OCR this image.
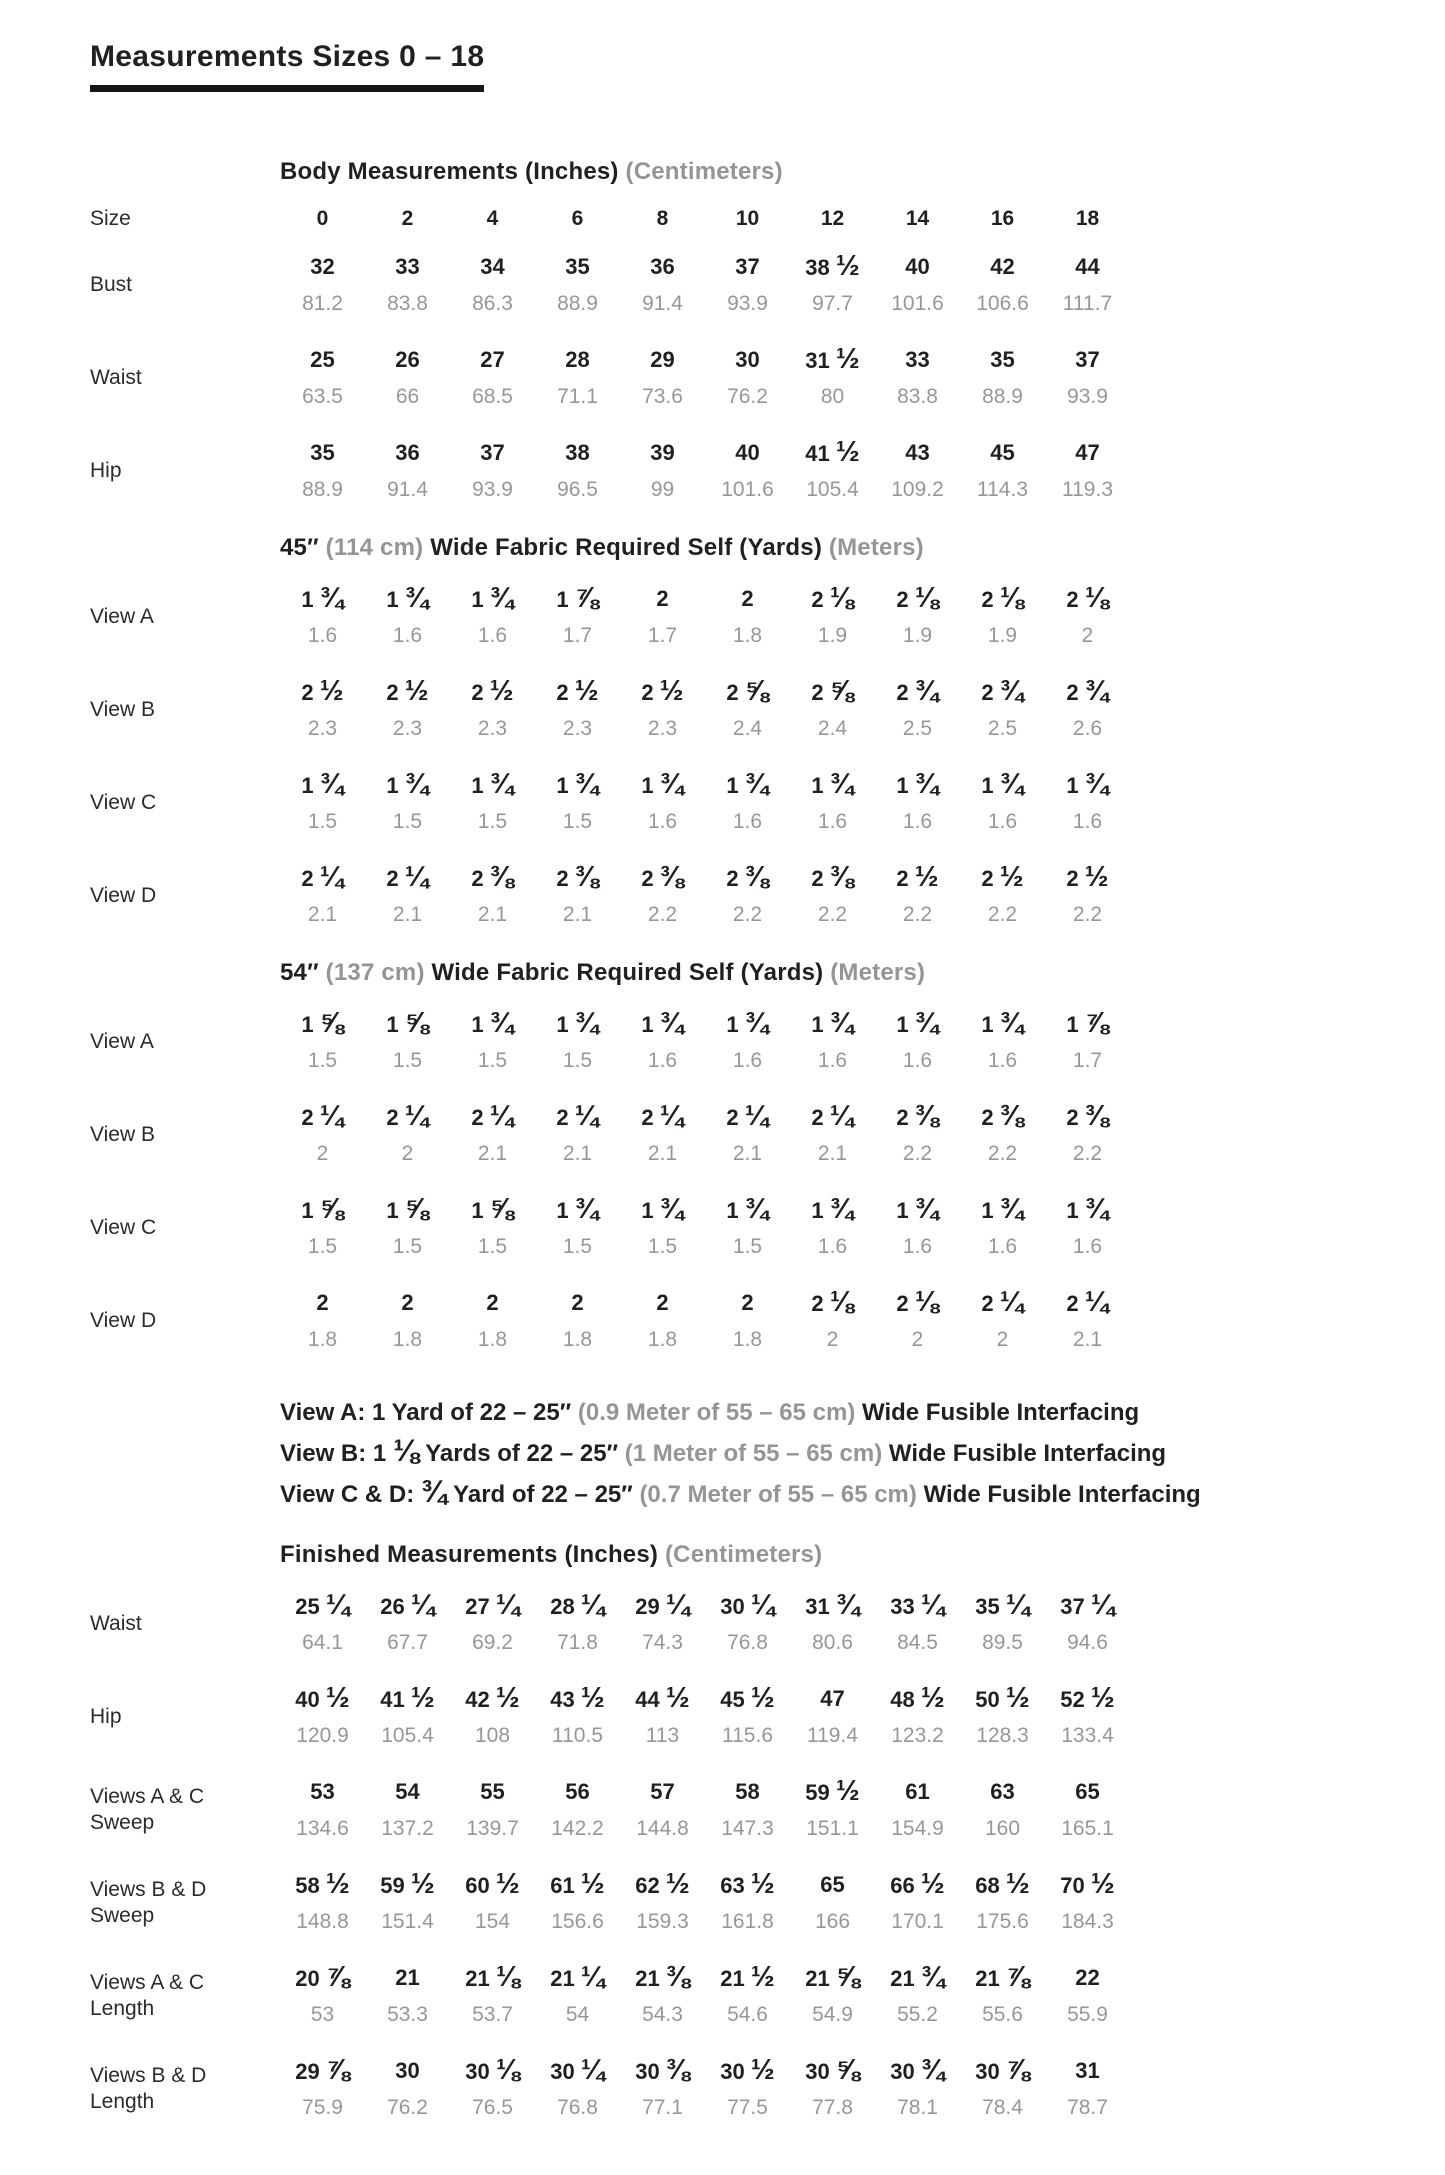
Measurements Sizes 0 – 18
Body Measurements (Inches) (Centimeters)
Size	0	2	4	6	8	10	12	14	16	18
Bust
32	33	34	35	36	37	38 ½	40	42	44
81.2	83.8	86.3	88.9	91.4	93.9	97.7	101.6	106.6	111.7
Waist
25	26	27	28	29	30	31 ½	33	35	37
63.5	66	68.5	71.1	73.6	76.2	80	83.8	88.9	93.9
Hip
35	36	37	38	39	40	41 ½	43	45	47
88.9	91.4	93.9	96.5	99	101.6	105.4	109.2	114.3	119.3
45″ (114 cm) Wide Fabric Required Self (Yards) (Meters)
View A
1 ¾	1 ¾	1 ¾	1 ⅞	2	2	2 ⅛	2 ⅛	2 ⅛	2 ⅛
1.6	1.6	1.6	1.7	1.7	1.8	1.9	1.9	1.9	2
View B
2 ½	2 ½	2 ½	2 ½	2 ½	2 ⅝	2 ⅝	2 ¾	2 ¾	2 ¾
2.3	2.3	2.3	2.3	2.3	2.4	2.4	2.5	2.5	2.6
View C
1 ¾	1 ¾	1 ¾	1 ¾	1 ¾	1 ¾	1 ¾	1 ¾	1 ¾	1 ¾
1.5	1.5	1.5	1.5	1.6	1.6	1.6	1.6	1.6	1.6
View D
2 ¼	2 ¼	2 ⅜	2 ⅜	2 ⅜	2 ⅜	2 ⅜	2 ½	2 ½	2 ½
2.1	2.1	2.1	2.1	2.2	2.2	2.2	2.2	2.2	2.2
54″ (137 cm) Wide Fabric Required Self (Yards) (Meters)
View A
1 ⅝	1 ⅝	1 ¾	1 ¾	1 ¾	1 ¾	1 ¾	1 ¾	1 ¾	1 ⅞
1.5	1.5	1.5	1.5	1.6	1.6	1.6	1.6	1.6	1.7
View B
2 ¼	2 ¼	2 ¼	2 ¼	2 ¼	2 ¼	2 ¼	2 ⅜	2 ⅜	2 ⅜
2	2	2.1	2.1	2.1	2.1	2.1	2.2	2.2	2.2
View C
1 ⅝	1 ⅝	1 ⅝	1 ¾	1 ¾	1 ¾	1 ¾	1 ¾	1 ¾	1 ¾
1.5	1.5	1.5	1.5	1.5	1.5	1.6	1.6	1.6	1.6
View D
2	2	2	2	2	2	2 ⅛	2 ⅛	2 ¼	2 ¼
1.8	1.8	1.8	1.8	1.8	1.8	2	2	2	2.1
View A: 1 Yard of 22 – 25″ (0.9 Meter of 55 – 65 cm) Wide Fusible Interfacing
View B: 1 ⅛ Yards of 22 – 25″ (1 Meter of 55 – 65 cm) Wide Fusible Interfacing
View C & D: ¾ Yard of 22 – 25″ (0.7 Meter of 55 – 65 cm) Wide Fusible Interfacing
Finished Measurements (Inches) (Centimeters)
Waist
25 ¼	26 ¼	27 ¼	28 ¼	29 ¼	30 ¼	31 ¾	33 ¼	35 ¼	37 ¼
64.1	67.7	69.2	71.8	74.3	76.8	80.6	84.5	89.5	94.6
Hip
40 ½	41 ½	42 ½	43 ½	44 ½	45 ½	47	48 ½	50 ½	52 ½
120.9	105.4	108	110.5	113	115.6	119.4	123.2	128.3	133.4
Views A & C
Sweep
53	54	55	56	57	58	59 ½	61	63	65
134.6	137.2	139.7	142.2	144.8	147.3	151.1	154.9	160	165.1
Views B & D
Sweep
58 ½	59 ½	60 ½	61 ½	62 ½	63 ½	65	66 ½	68 ½	70 ½
148.8	151.4	154	156.6	159.3	161.8	166	170.1	175.6	184.3
Views A & C
Length
20 ⅞	21	21 ⅛	21 ¼	21 ⅜	21 ½	21 ⅝	21 ¾	21 ⅞	22
53	53.3	53.7	54	54.3	54.6	54.9	55.2	55.6	55.9
Views B & D
Length
29 ⅞	30	30 ⅛	30 ¼	30 ⅜	30 ½	30 ⅝	30 ¾	30 ⅞	31
75.9	76.2	76.5	76.8	77.1	77.5	77.8	78.1	78.4	78.7
